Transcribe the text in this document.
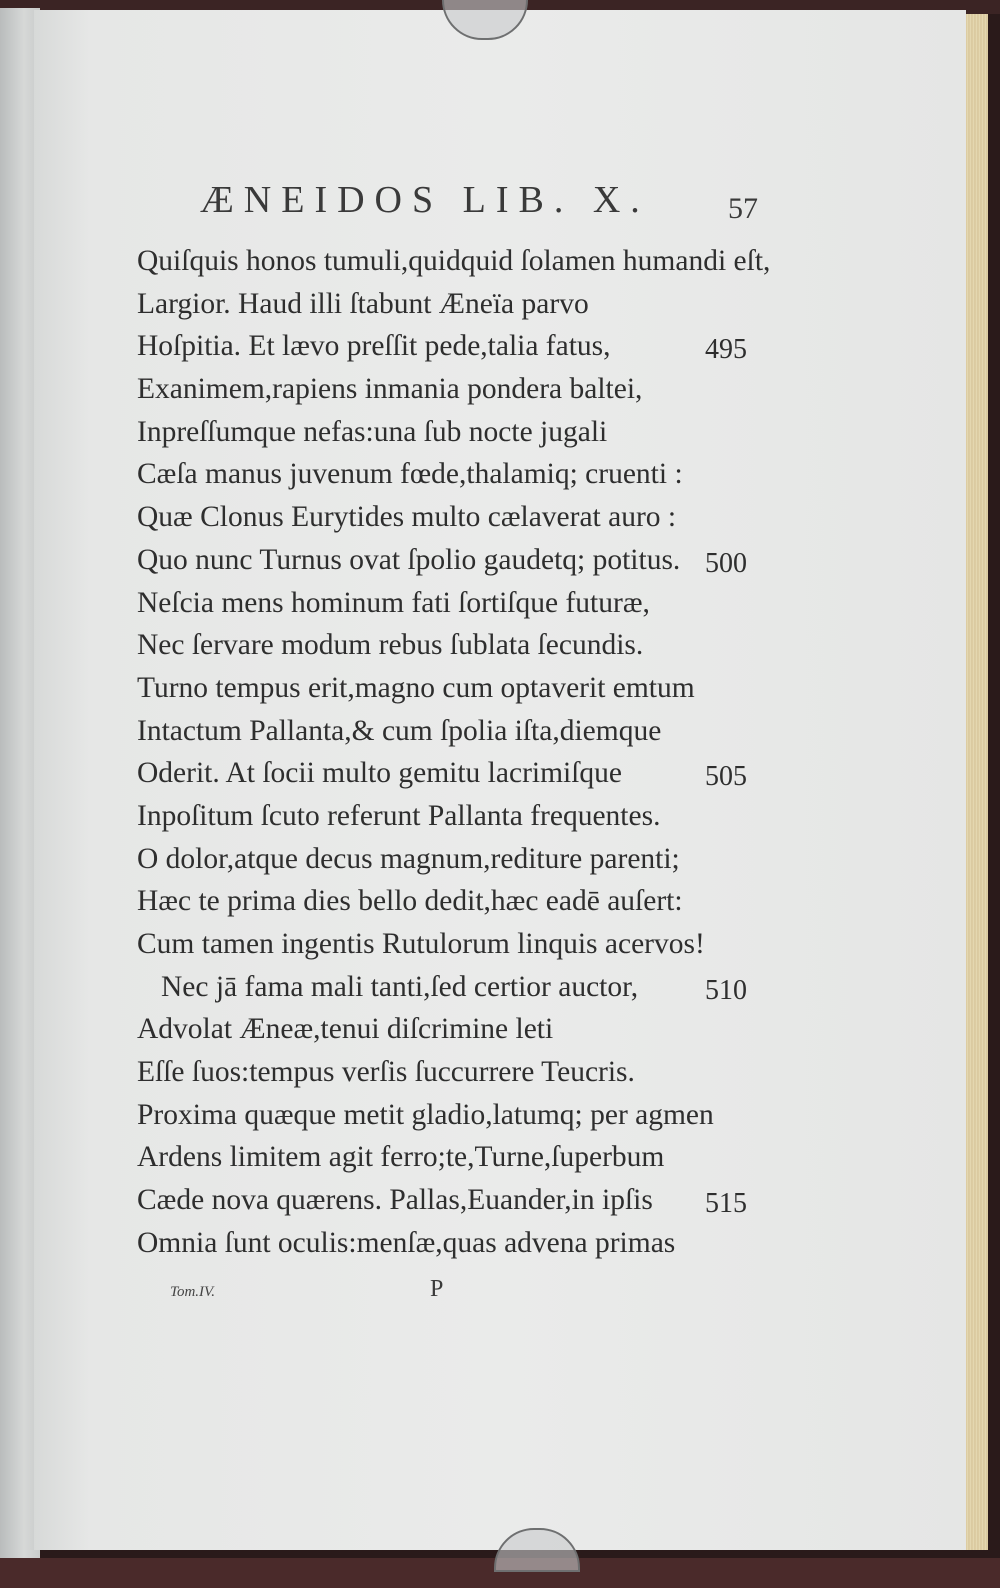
ÆNEIDOS LIB. X.	57
Quiſquis honos tumuli,quidquid ſolamen humandi eſt,
Largior. Haud illi ſtabunt Æneïa parvo
Hoſpitia. Et lævo preſſit pede,talia fatus,	495
Exanimem,rapiens inmania pondera baltei,
Inpreſſumque nefas:una ſub nocte jugali
Cæſa manus juvenum fœde,thalamiq; cruenti :
Quæ Clonus Eurytides multo cælaverat auro :
Quo nunc Turnus ovat ſpolio gaudetq; potitus. 500
Neſcia mens hominum fati ſortiſque futuræ,
Nec ſervare modum rebus ſublata ſecundis.
Turno tempus erit,magno cum optaverit emtum
Intactum Pallanta,& cum ſpolia iſta,diemque
Oderit. At ſocii multo gemitu lacrimiſque	505
Inpoſitum ſcuto referunt Pallanta frequentes.
O dolor,atque decus magnum,rediture parenti;
Hæc te prima dies bello dedit,hæc eadē auſert:
Cum tamen ingentis Rutulorum linquis acervos!
Nec jā fama mali tanti,ſed certior auctor, 510
Advolat Æneæ,tenui diſcrimine leti
Eſſe ſuos:tempus verſis ſuccurrere Teucris.
Proxima quæque metit gladio,latumq; per agmen
Ardens limitem agit ferro;te,Turne,ſuperbum
Cæde nova quærens. Pallas,Euander,in ipſis 515
Omnia ſunt oculis:menſæ,quas advena primas
Tom.IV.	P
